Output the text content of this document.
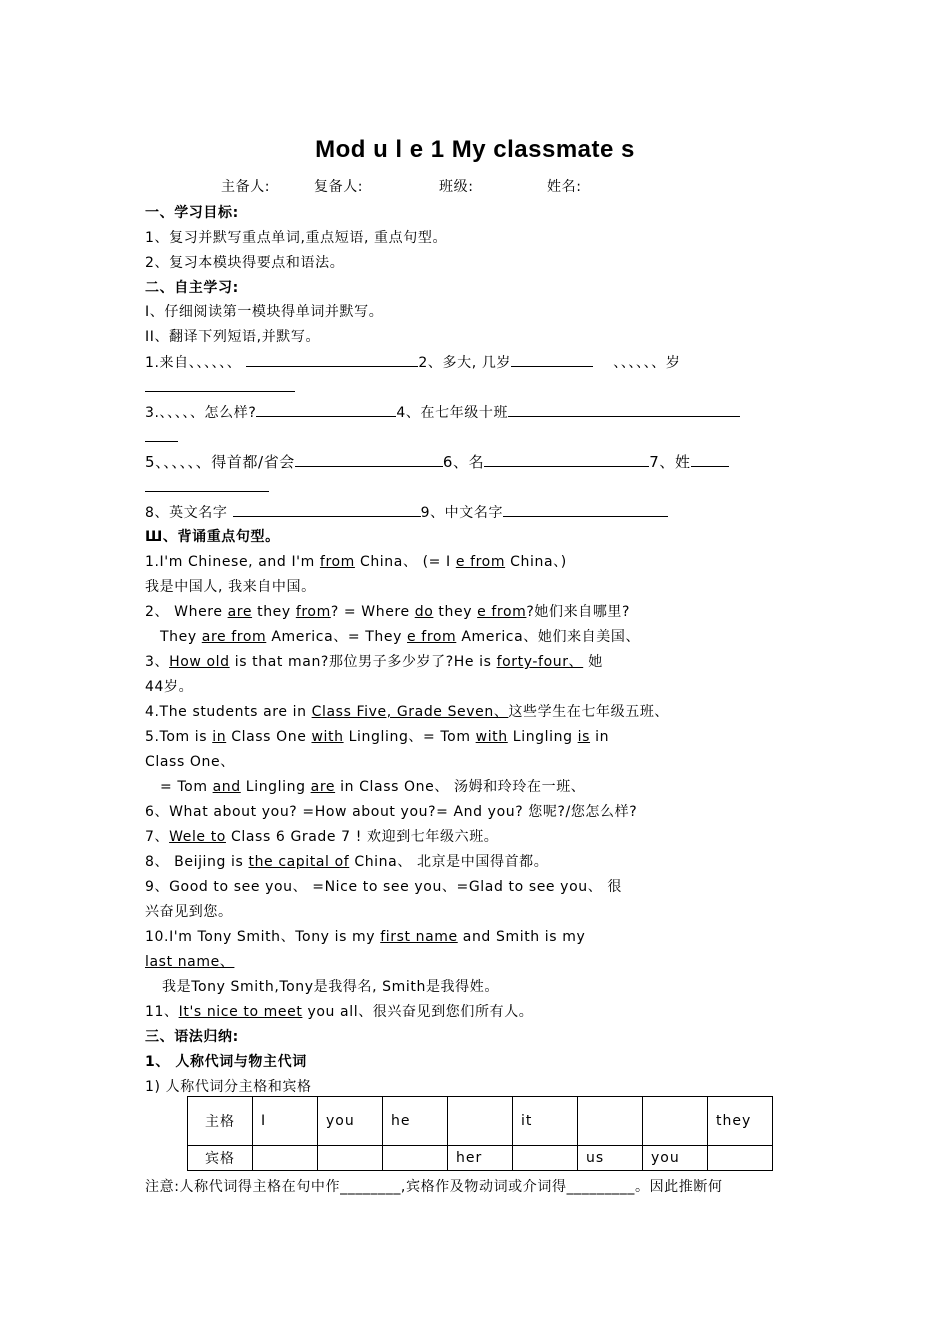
Mod u l e 1 My classmate s
主备人:	复备人:	班级:	姓名:
一、学习目标:
1、复习并默写重点单词,重点短语, 重点句型。
2、复习本模块得要点和语法。
二、自主学习:
Ⅰ、仔细阅读第一模块得单词并默写。
ⅠⅠ、翻译下列短语,并默写。
1.来自、、、、、、	2、多大, 几岁	、、、、、、岁
3.、、、、、怎么样?	4、在七年级十班
5、、、、、、得首都/省会	6、名	7、姓
8、英文名字	9、中文名字
Ш、背诵重点句型。
1.I'm Chinese, and I'm from China、 (= I e from China、)
我是中国人, 我来自中国。
2、 Where are they from? = Where do they e from?她们来自哪里?
They are from America、= They e from America、她们来自美国、
3、How old is that man?那位男子多少岁了?He is forty-four、 她
44岁。
4.The students are in Class Five, Grade Seven、这些学生在七年级五班、
5.Tom is in Class One with Lingling、= Tom with Lingling is in
Class One、
= Tom and Lingling are in Class One、 汤姆和玲玲在一班、
6、What about you? =How about you?= And you? 您呢?/您怎么样?
7、Wele to Class 6 Grade 7 ! 欢迎到七年级六班。
8、 Beijing is the capital of China、 北京是中国得首都。
9、Good to see you、 =Nice to see you、=Glad to see you、 很
兴奋见到您。
10.I'm Tony Smith、Tony is my first name and Smith is my
last name、
我是Tony Smith,Tony是我得名, Smith是我得姓。
11、It's nice to meet you all、很兴奋见到您们所有人。
三、语法归纳:
1、 人称代词与物主代词
1) 人称代词分主格和宾格
主格	I	you	he		it			they
宾格				her		us	you	
注意:人称代词得主格在句中作________,宾格作及物动词或介词得_________。因此推断何
